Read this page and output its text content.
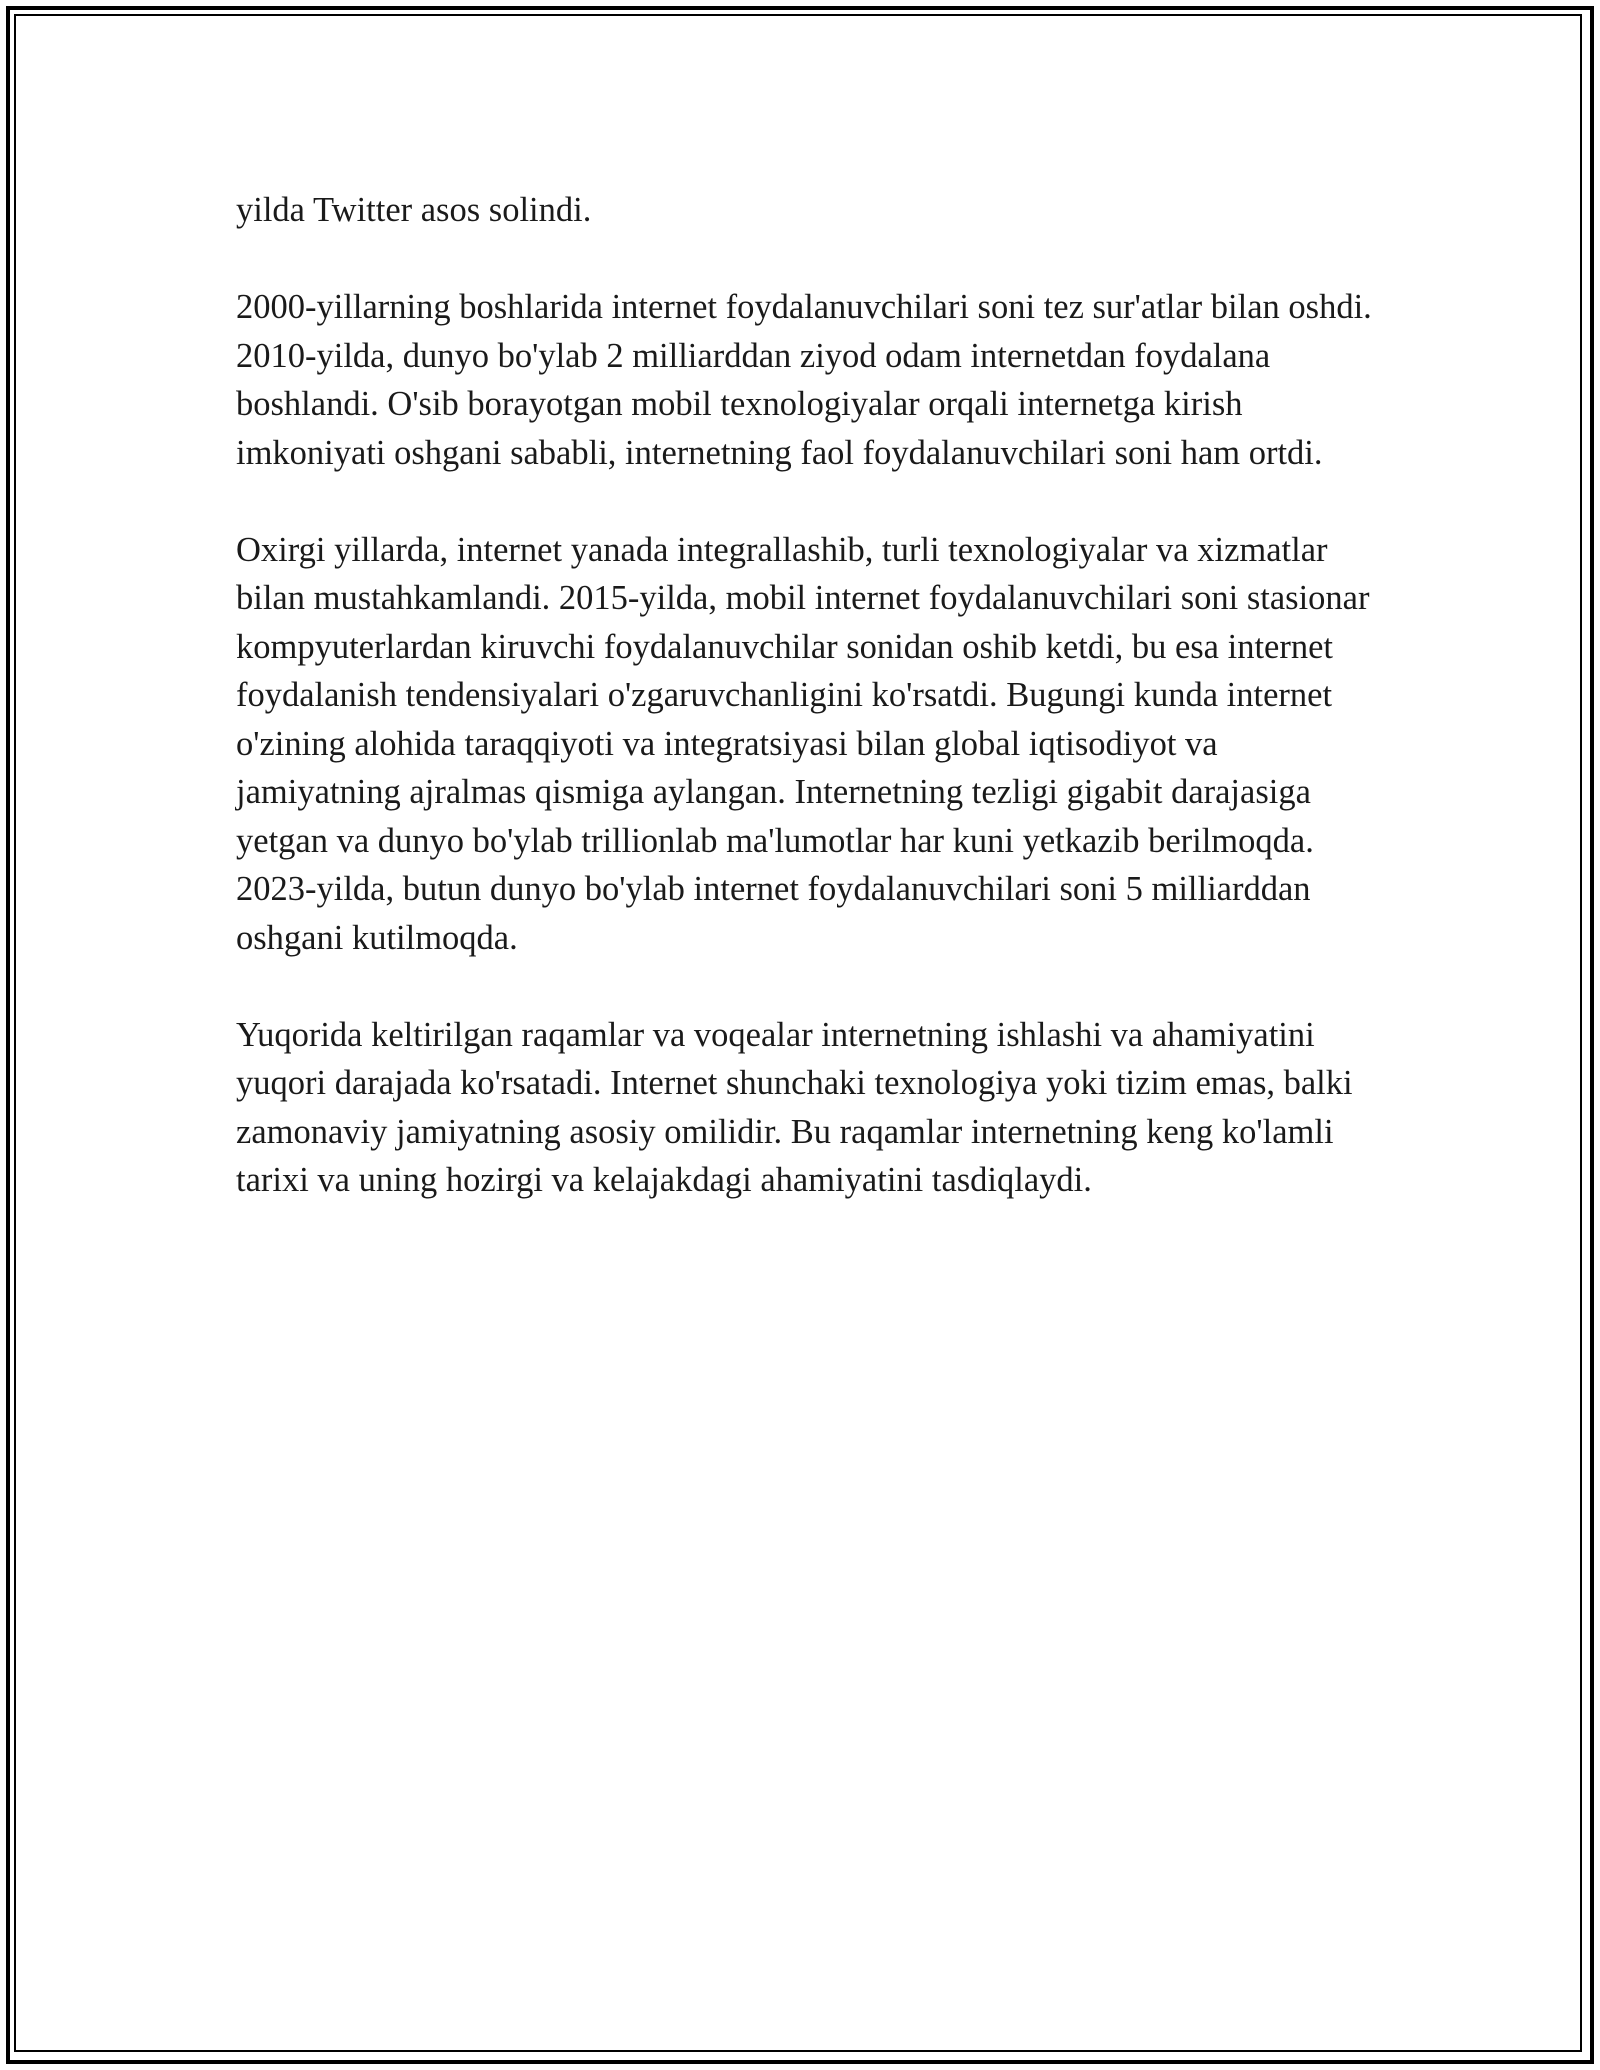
yilda Twitter asos solindi.

2000-yillarning boshlarida internet foydalanuvchilari soni tez sur'atlar bilan oshdi. 2010-yilda, dunyo bo'ylab 2 milliarddan ziyod odam internetdan foydalana boshlandi. O'sib borayotgan mobil texnologiyalar orqali internetga kirish imkoniyati oshgani sababli, internetning faol foydalanuvchilari soni ham ortdi.

Oxirgi yillarda, internet yanada integrallashib, turli texnologiyalar va xizmatlar bilan mustahkamlandi. 2015-yilda, mobil internet foydalanuvchilari soni stasionar kompyuterlardan kiruvchi foydalanuvchilar sonidan oshib ketdi, bu esa internet foydalanish tendensiyalari o'zgaruvchanligini ko'rsatdi. Bugungi kunda internet o'zining alohida taraqqiyoti va integratsiyasi bilan global iqtisodiyot va jamiyatning ajralmas qismiga aylangan. Internetning tezligi gigabit darajasiga yetgan va dunyo bo'ylab trillionlab ma'lumotlar har kuni yetkazib berilmoqda. 2023-yilda, butun dunyo bo'ylab internet foydalanuvchilari soni 5 milliarddan oshgani kutilmoqda.

Yuqorida keltirilgan raqamlar va voqealar internetning ishlashi va ahamiyatini yuqori darajada ko'rsatadi. Internet shunchaki texnologiya yoki tizim emas, balki zamonaviy jamiyatning asosiy omilidir. Bu raqamlar internetning keng ko'lamli tarixi va uning hozirgi va kelajakdagi ahamiyatini tasdiqlaydi.
